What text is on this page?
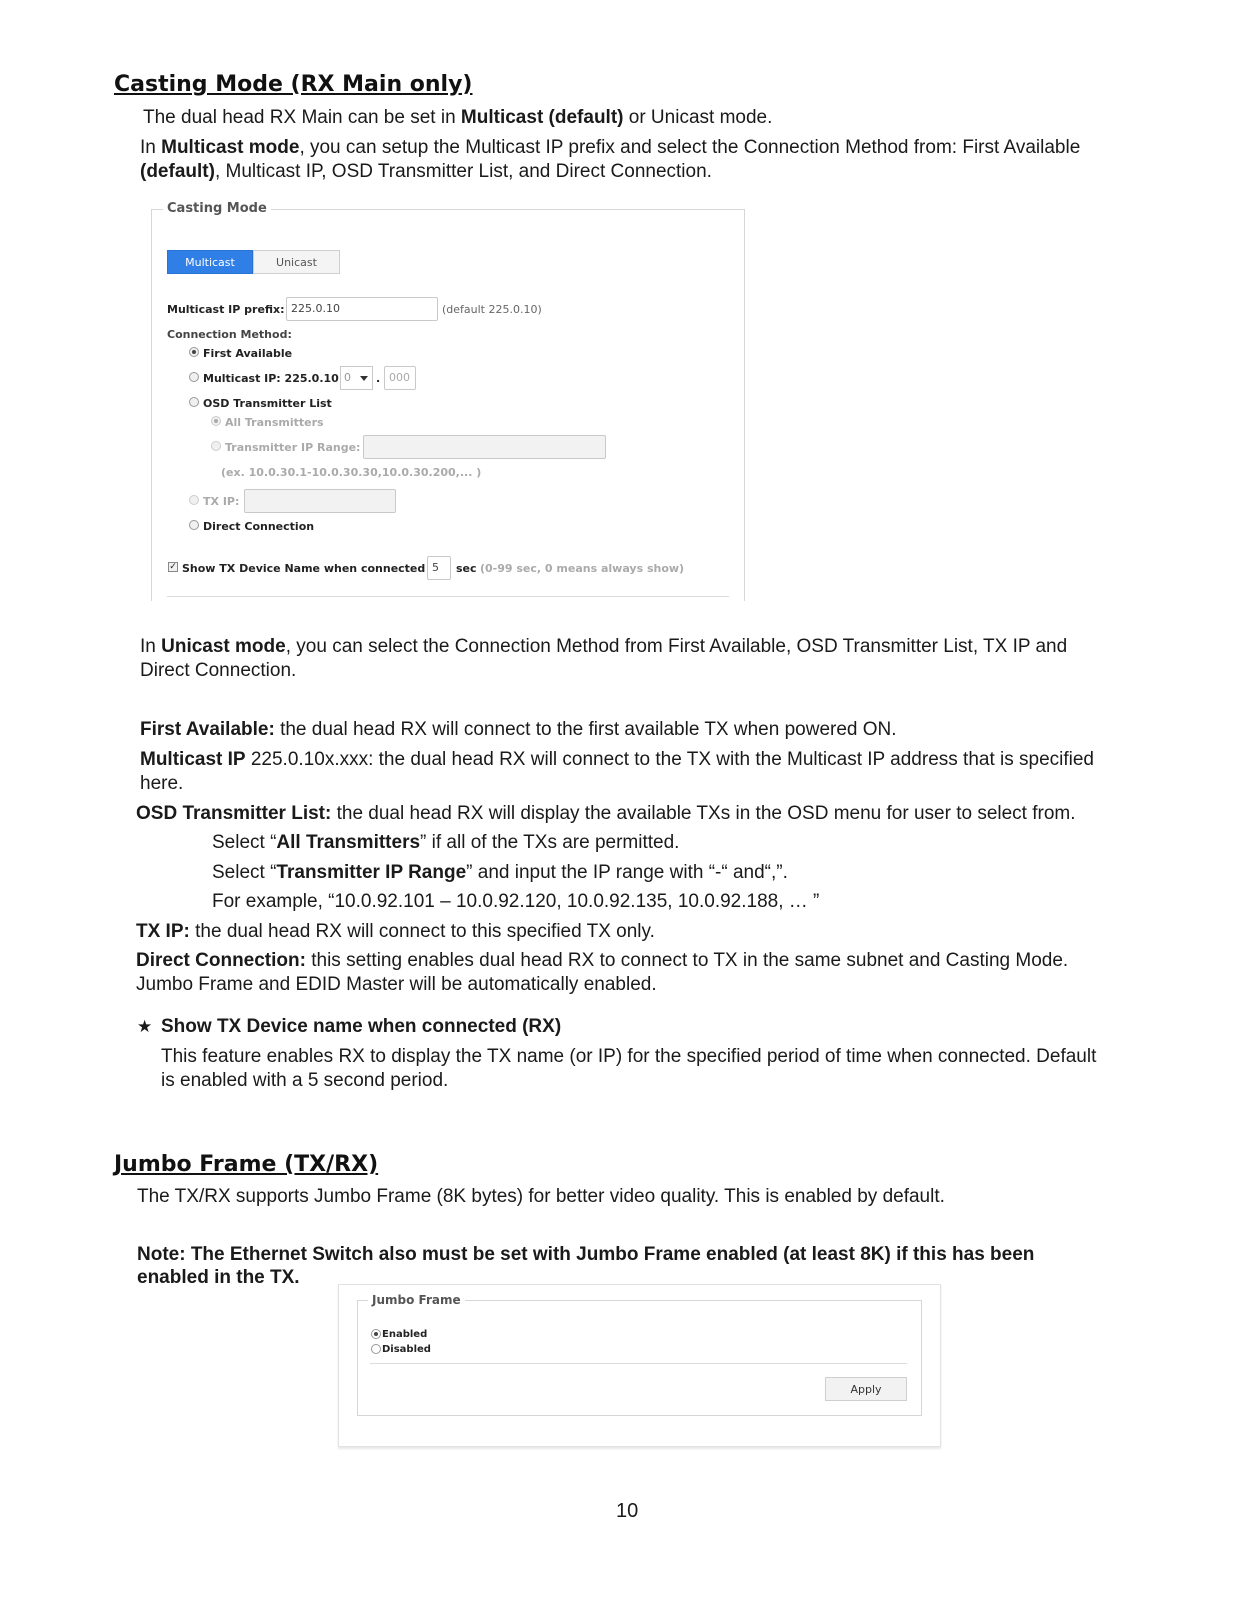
Casting Mode (RX Main only)
The dual head RX Main can be set in Multicast (default) or Unicast mode.
In Multicast mode, you can setup the Multicast IP prefix and select the Connection Method from: First Available
(default), Multicast IP, OSD Transmitter List, and Direct Connection.
Casting Mode
Multicast	Unicast
Multicast IP prefix: 225.0.10	(default 225.0.10)
Connection Method:
First Available
Multicast IP: 225.0.10 0	. 000
OSD Transmitter List
All Transmitters
Transmitter IP Range:
(ex. 10.0.30.1-10.0.30.30,10.0.30.200,... )
TX IP:
Direct Connection
✓ Show TX Device Name when connected 5	sec (0-99 sec, 0 means always show)
In Unicast mode, you can select the Connection Method from First Available, OSD Transmitter List, TX IP and
Direct Connection.
First Available: the dual head RX will connect to the first available TX when powered ON.
Multicast IP 225.0.10x.xxx: the dual head RX will connect to the TX with the Multicast IP address that is specified
here.
OSD Transmitter List: the dual head RX will display the available TXs in the OSD menu for user to select from.
Select “All Transmitters” if all of the TXs are permitted.
Select “Transmitter IP Range” and input the IP range with “-“ and“,”.
For example, “10.0.92.101 – 10.0.92.120, 10.0.92.135, 10.0.92.188, … ”
TX IP: the dual head RX will connect to this specified TX only.
Direct Connection: this setting enables dual head RX to connect to TX in the same subnet and Casting Mode.
Jumbo Frame and EDID Master will be automatically enabled.
★ Show TX Device name when connected (RX)
This feature enables RX to display the TX name (or IP) for the specified period of time when connected. Default
is enabled with a 5 second period.
Jumbo Frame (TX/RX)
The TX/RX supports Jumbo Frame (8K bytes) for better video quality. This is enabled by default.
Note: The Ethernet Switch also must be set with Jumbo Frame enabled (at least 8K) if this has been
enabled in the TX.
Jumbo Frame
Enabled
Disabled
Apply
10
